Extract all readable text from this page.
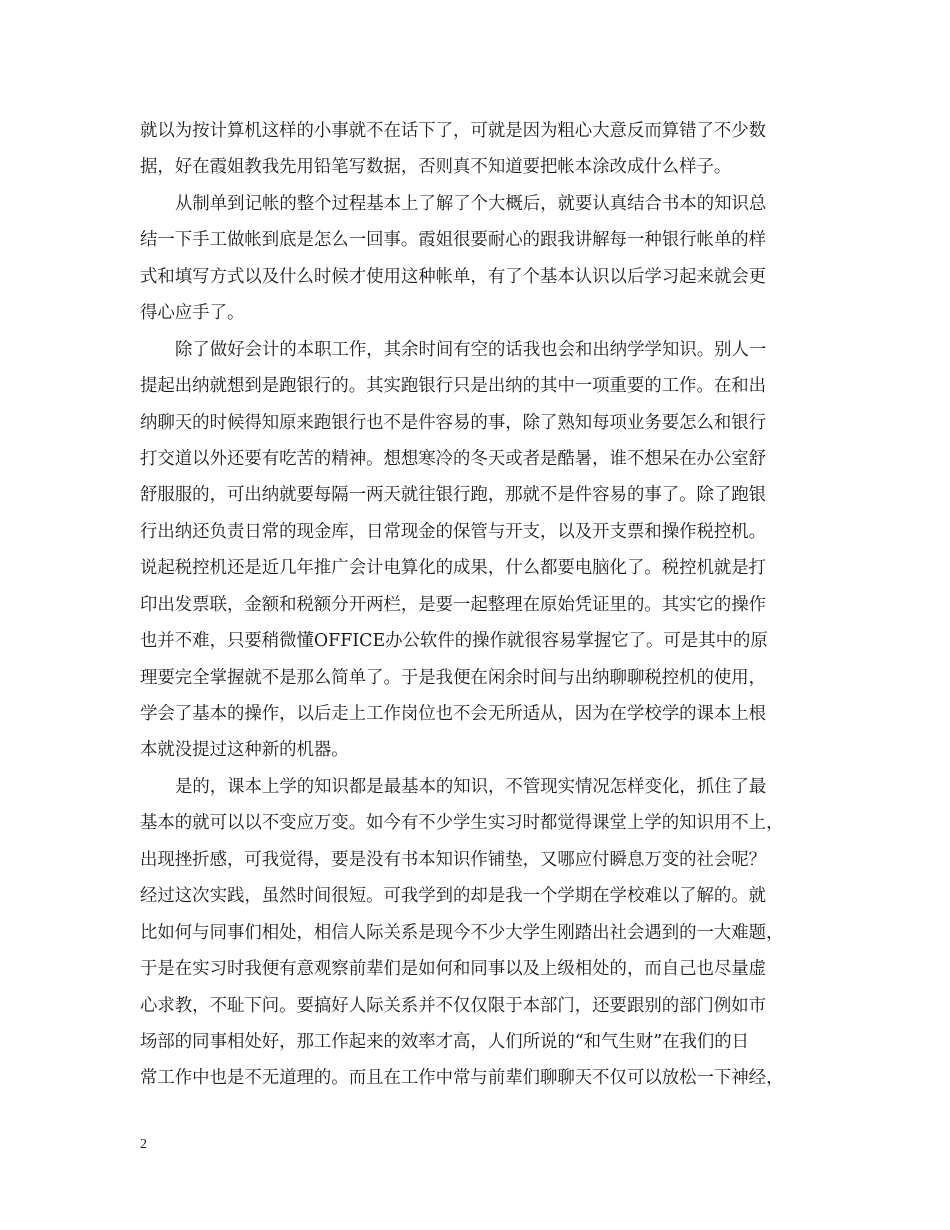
就以为按计算机这样的小事就不在话下了，可就是因为粗心大意反而算错了不少数
据，好在霞姐教我先用铅笔写数据，否则真不知道要把帐本涂改成什么样子。
从制单到记帐的整个过程基本上了解了个大概后，就要认真结合书本的知识总
结一下手工做帐到底是怎么一回事。霞姐很要耐心的跟我讲解每一种银行帐单的样
式和填写方式以及什么时候才使用这种帐单，有了个基本认识以后学习起来就会更
得心应手了。
除了做好会计的本职工作，其余时间有空的话我也会和出纳学学知识。别人一
提起出纳就想到是跑银行的。其实跑银行只是出纳的其中一项重要的工作。在和出
纳聊天的时候得知原来跑银行也不是件容易的事，除了熟知每项业务要怎么和银行
打交道以外还要有吃苦的精神。想想寒冷的冬天或者是酷暑，谁不想呆在办公室舒
舒服服的，可出纳就要每隔一两天就往银行跑，那就不是件容易的事了。除了跑银
行出纳还负责日常的现金库，日常现金的保管与开支，以及开支票和操作税控机。
说起税控机还是近几年推广会计电算化的成果，什么都要电脑化了。税控机就是打
印出发票联，金额和税额分开两栏，是要一起整理在原始凭证里的。其实它的操作
也并不难，只要稍微懂OFFICE办公软件的操作就很容易掌握它了。可是其中的原
理要完全掌握就不是那么简单了。于是我便在闲余时间与出纳聊聊税控机的使用，
学会了基本的操作，以后走上工作岗位也不会无所适从，因为在学校学的课本上根
本就没提过这种新的机器。
是的，课本上学的知识都是最基本的知识，不管现实情况怎样变化，抓住了最
基本的就可以以不变应万变。如今有不少学生实习时都觉得课堂上学的知识用不上，
出现挫折感，可我觉得，要是没有书本知识作铺垫，又哪应付瞬息万变的社会呢？
经过这次实践，虽然时间很短。可我学到的却是我一个学期在学校难以了解的。就
比如何与同事们相处，相信人际关系是现今不少大学生刚踏出社会遇到的一大难题，
于是在实习时我便有意观察前辈们是如何和同事以及上级相处的，而自己也尽量虚
心求教，不耻下问。要搞好人际关系并不仅仅限于本部门，还要跟别的部门例如市
场部的同事相处好，那工作起来的效率才高，人们所说的“和气生财”在我们的日
常工作中也是不无道理的。而且在工作中常与前辈们聊聊天不仅可以放松一下神经，
2
